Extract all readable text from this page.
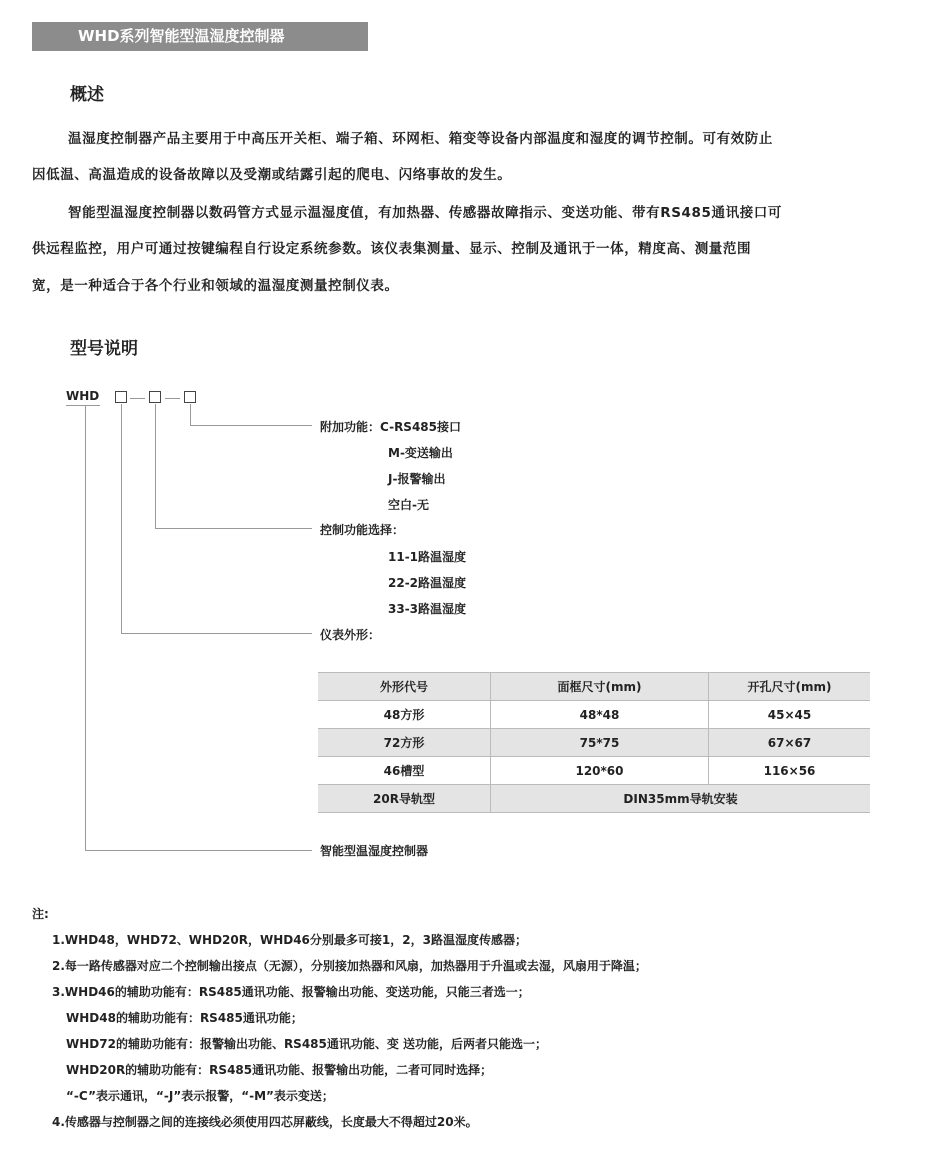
WHD系列智能型温湿度控制器
概述
温湿度控制器产品主要用于中高压开关柜、端子箱、环网柜、箱变等设备内部温度和湿度的调节控制。可有效防止
因低温、高温造成的设备故障以及受潮或结露引起的爬电、闪络事故的发生。
智能型温湿度控制器以数码管方式显示温湿度值，有加热器、传感器故障指示、变送功能、带有RS485通讯接口可
供远程监控，用户可通过按键编程自行设定系统参数。该仪表集测量、显示、控制及通讯于一体，精度高、测量范围
宽，是一种适合于各个行业和领域的温湿度测量控制仪表。
型号说明
WHD
附加功能：C-RS485接口
M-变送输出
J-报警输出
空白-无
控制功能选择：
11-1路温湿度
22-2路温湿度
33-3路温湿度
仪表外形：
智能型温湿度控制器
外形代号	面框尺寸(mm)	开孔尺寸(mm)
48方形	48*48	45×45
72方形	75*75	67×67
46槽型	120*60	116×56
20R导轨型	DIN35mm导轨安装	
注:
1.WHD48，WHD72、WHD20R，WHD46分别最多可接1，2，3路温湿度传感器；
2.每一路传感器对应二个控制输出接点（无源），分别接加热器和风扇，加热器用于升温或去湿，风扇用于降温；
3.WHD46的辅助功能有：RS485通讯功能、报警输出功能、变送功能，只能三者选一；
WHD48的辅助功能有：RS485通讯功能；
WHD72的辅助功能有：报警输出功能、RS485通讯功能、变 送功能，后两者只能选一；
WHD20R的辅助功能有：RS485通讯功能、报警输出功能，二者可同时选择；
“-C”表示通讯，“-J”表示报警，“-M”表示变送；
4.传感器与控制器之间的连接线必须使用四芯屏蔽线，长度最大不得超过20米。
